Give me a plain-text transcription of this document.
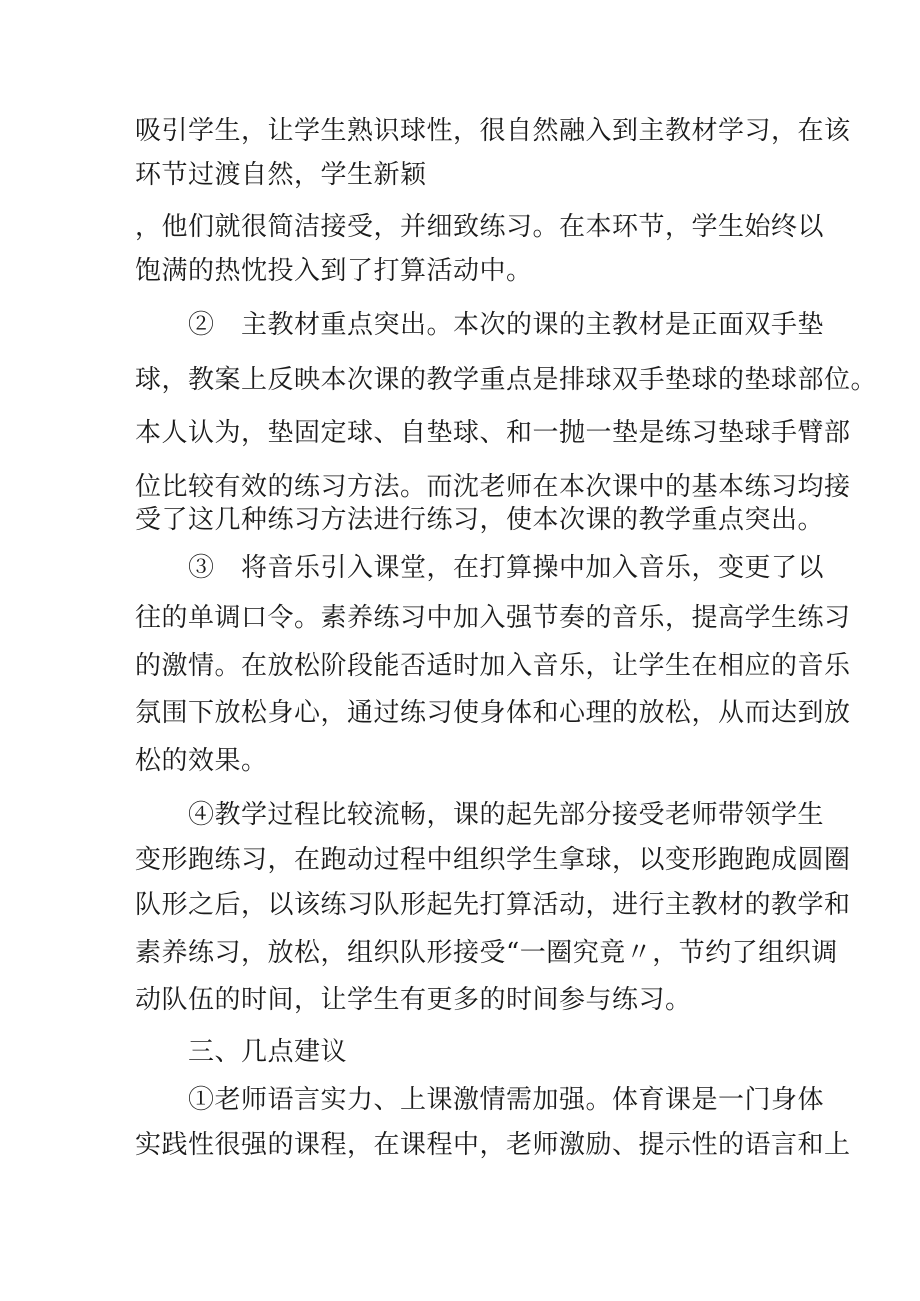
吸引学生，让学生熟识球性，很自然融入到主教材学习，在该
环节过渡自然，学生新颖
，他们就很简洁接受，并细致练习。在本环节，学生始终以
饱满的热忱投入到了打算活动中。
②　主教材重点突出。本次的课的主教材是正面双手垫
球，教案上反映本次课的教学重点是排球双手垫球的垫球部位。
本人认为，垫固定球、自垫球、和一抛一垫是练习垫球手臂部
位比较有效的练习方法。而沈老师在本次课中的基本练习均接
受了这几种练习方法进行练习，使本次课的教学重点突出。
③　将音乐引入课堂，在打算操中加入音乐，变更了以
往的单调口令。素养练习中加入强节奏的音乐，提高学生练习
的激情。在放松阶段能否适时加入音乐，让学生在相应的音乐
氛围下放松身心，通过练习使身体和心理的放松，从而达到放
松的效果。
④教学过程比较流畅，课的起先部分接受老师带领学生
变形跑练习，在跑动过程中组织学生拿球，以变形跑跑成圆圈
队形之后，以该练习队形起先打算活动，进行主教材的教学和
素养练习，放松，组织队形接受“一圈究竟〃，节约了组织调
动队伍的时间，让学生有更多的时间参与练习。
三、几点建议
①老师语言实力、上课激情需加强。体育课是一门身体
实践性很强的课程，在课程中，老师激励、提示性的语言和上
